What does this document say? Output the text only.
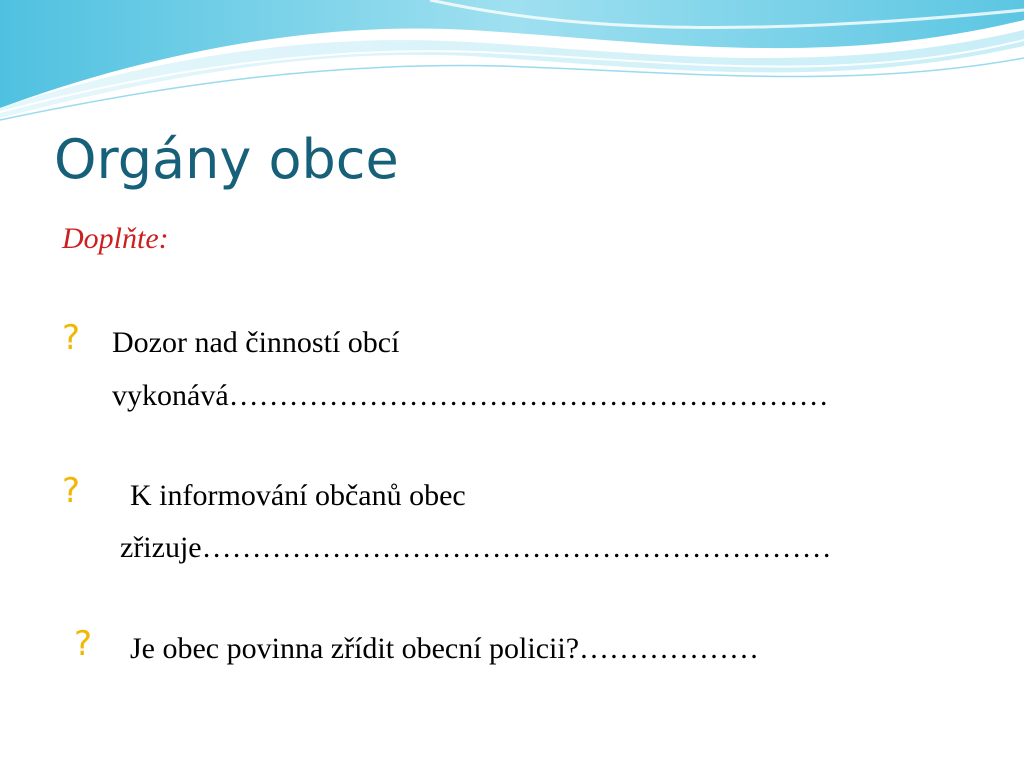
Orgány obce
Doplňte:
? Dozor nad činností obcí
vykonává……………………………………………………
? K informování občanů obec
zřizuje………………………………………………………
? Je obec povinna zřídit obecní policii?………………
